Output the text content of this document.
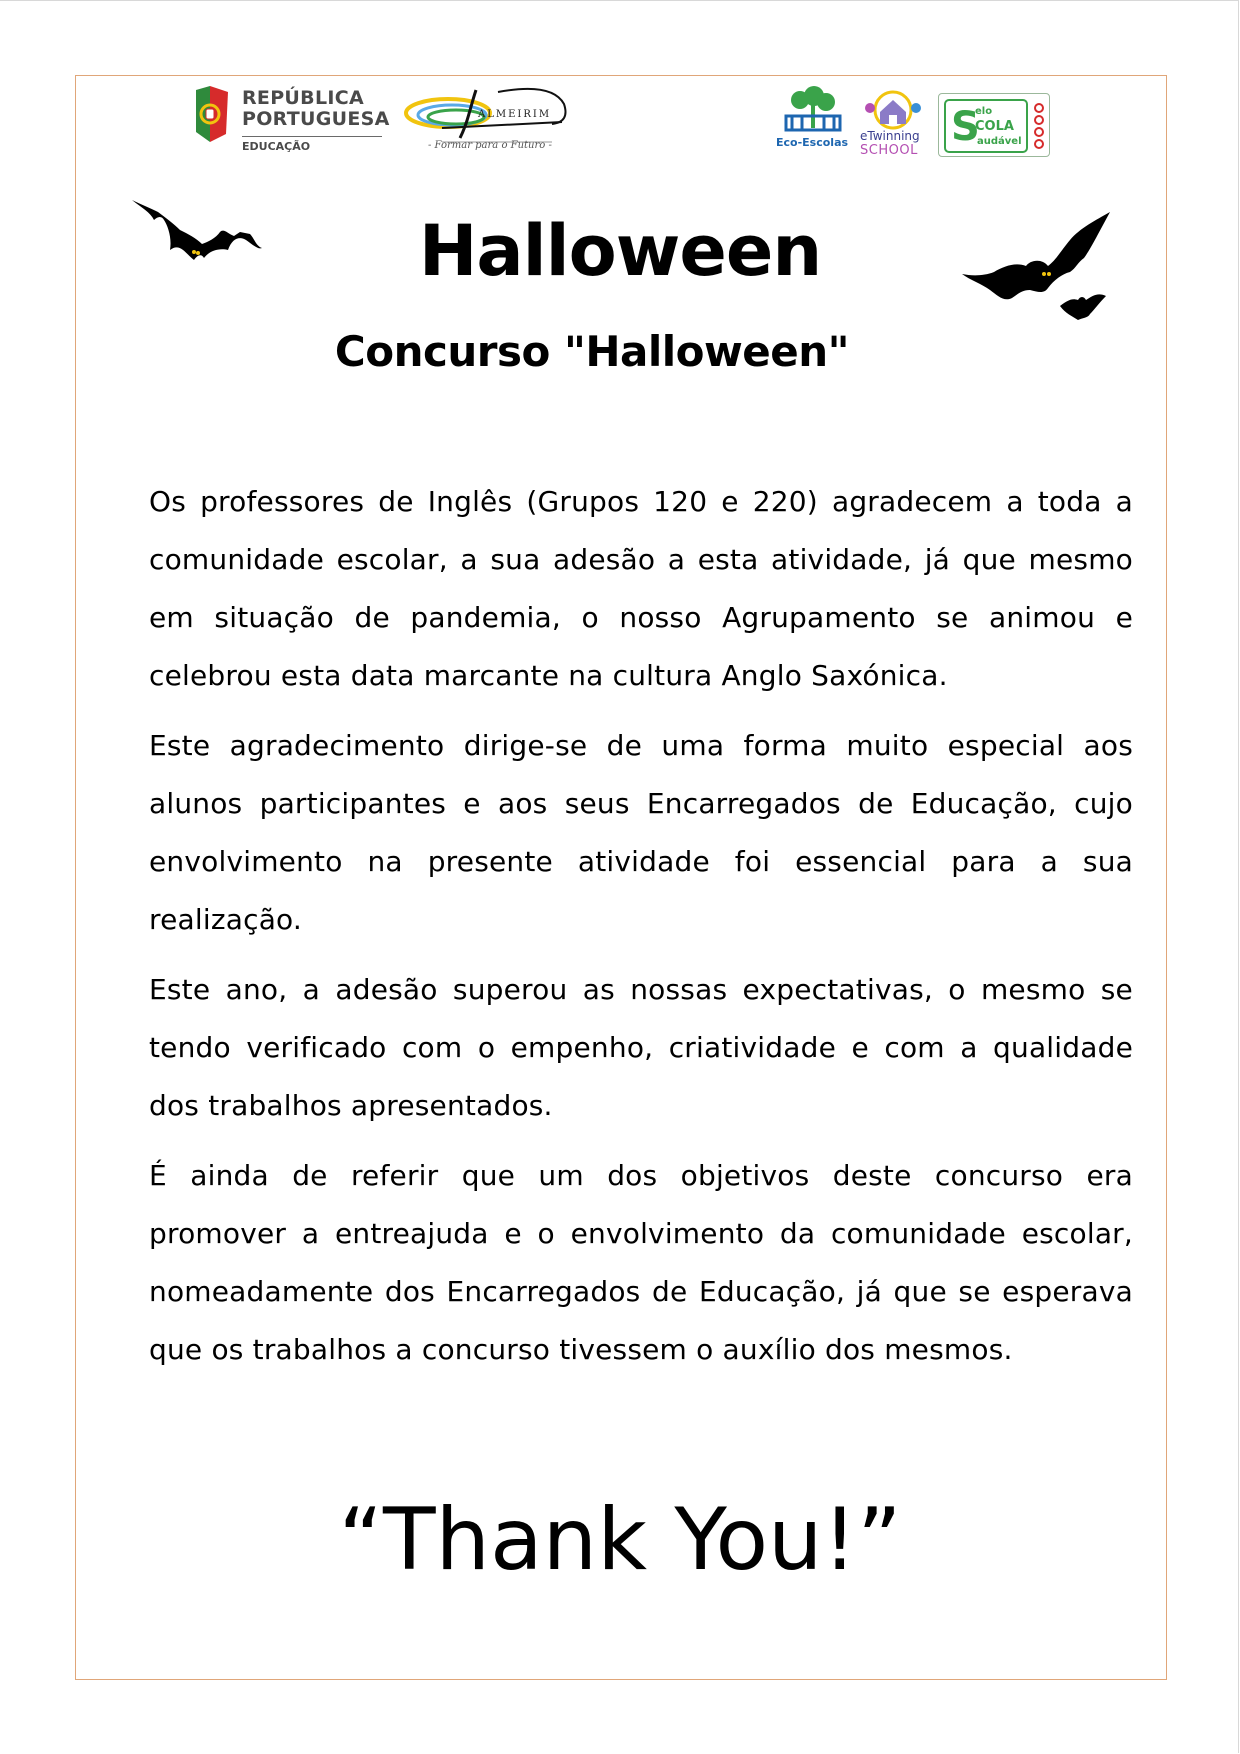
REPÚBLICA
PORTUGUESA
EDUCAÇÃO
ALMEIRIM
- Formar para o Futuro -	Eco-Escolas eTwinning
SCHOOL
S
elo
COLA
audável
Halloween
Concurso "Halloween"

Os professores de Inglês (Grupos 120 e 220) agradecem a toda a comunidade escolar, a sua adesão a esta atividade, já que mesmo em situação de pandemia, o nosso Agrupamento se animou e celebrou esta data marcante na cultura Anglo Saxónica.

Este agradecimento dirige-se de uma forma muito especial aos alunos participantes e aos seus Encarregados de Educação, cujo envolvimento na presente atividade foi essencial para a sua realização.

Este ano, a adesão superou as nossas expectativas, o mesmo se tendo verificado com o empenho, criatividade e com a qualidade dos trabalhos apresentados.

É ainda de referir que um dos objetivos deste concurso era promover a entreajuda e o envolvimento da comunidade escolar, nomeadamente dos Encarregados de Educação, já que se esperava que os trabalhos a concurso tivessem o auxílio dos mesmos.

“Thank You!”
